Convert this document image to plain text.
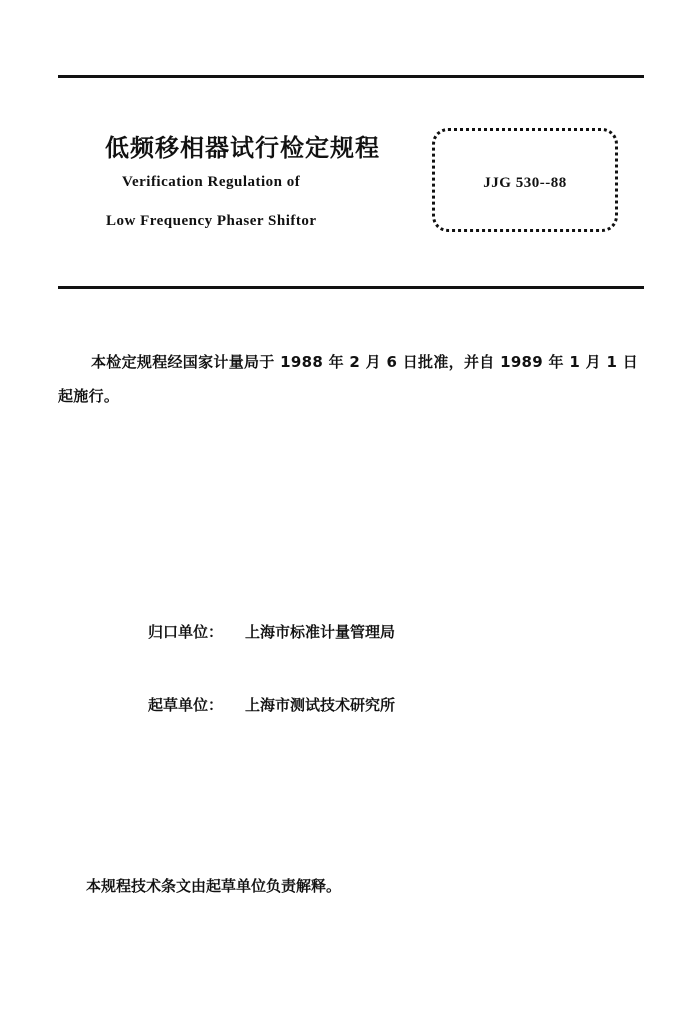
低频移相器试行检定规程
Verification Regulation of
Low Frequency Phaser Shiftor
JJG 530--88
本检定规程经国家计量局于 1988 年 2 月 6 日批准，并自 1989 年 1 月 1 日起施行。
归口单位： 上海市标准计量管理局
起草单位： 上海市测试技术研究所
本规程技术条文由起草单位负责解释。
